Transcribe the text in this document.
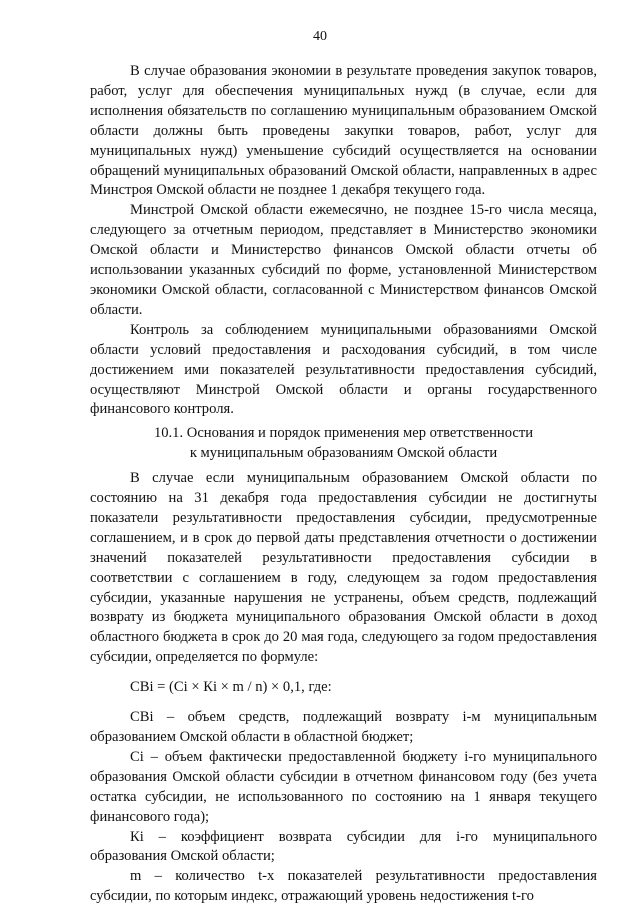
40

В случае образования экономии в результате проведения закупок товаров, работ, услуг для обеспечения муниципальных нужд (в случае, если для исполнения обязательств по соглашению муниципальным образованием Омской области должны быть проведены закупки товаров, работ, услуг для муниципальных нужд) уменьшение субсидий осуществляется на основании обращений муниципальных образований Омской области, направленных в адрес Минстроя Омской области не позднее 1 декабря текущего года.

Минстрой Омской области ежемесячно, не позднее 15-го числа месяца, следующего за отчетным периодом, представляет в Министерство экономики Омской области и Министерство финансов Омской области отчеты об использовании указанных субсидий по форме, установленной Министерством экономики Омской области, согласованной с Министерством финансов Омской области.

Контроль за соблюдением муниципальными образованиями Омской области условий предоставления и расходования субсидий, в том числе достижением ими показателей результативности предоставления субсидий, осуществляют Минстрой Омской области и органы государственного финансового контроля.

10.1. Основания и порядок применения мер ответственности
к муниципальным образованиям Омской области

В случае если муниципальным образованием Омской области по состоянию на 31 декабря года предоставления субсидии не достигнуты показатели результативности предоставления субсидии, предусмотренные соглашением, и в срок до первой даты представления отчетности о достижении значений показателей результативности предоставления субсидии в соответствии с соглашением в году, следующем за годом предоставления субсидии, указанные нарушения не устранены, объем средств, подлежащий возврату из бюджета муниципального образования Омской области в доход областного бюджета в срок до 20 мая года, следующего за годом предоставления субсидии, определяется по формуле:

СВi = (Сi × Кi × m / n) × 0,1, где:

СВi – объем средств, подлежащий возврату i-м муниципальным образованием Омской области в областной бюджет;

Сi – объем фактически предоставленной бюджету i-го муниципального образования Омской области субсидии в отчетном финансовом году (без учета остатка субсидии, не использованного по состоянию на 1 января текущего финансового года);

Кi – коэффициент возврата субсидии для i-го муниципального образования Омской области;

m – количество t-х показателей результативности предоставления субсидии, по которым индекс, отражающий уровень недостижения t-го
